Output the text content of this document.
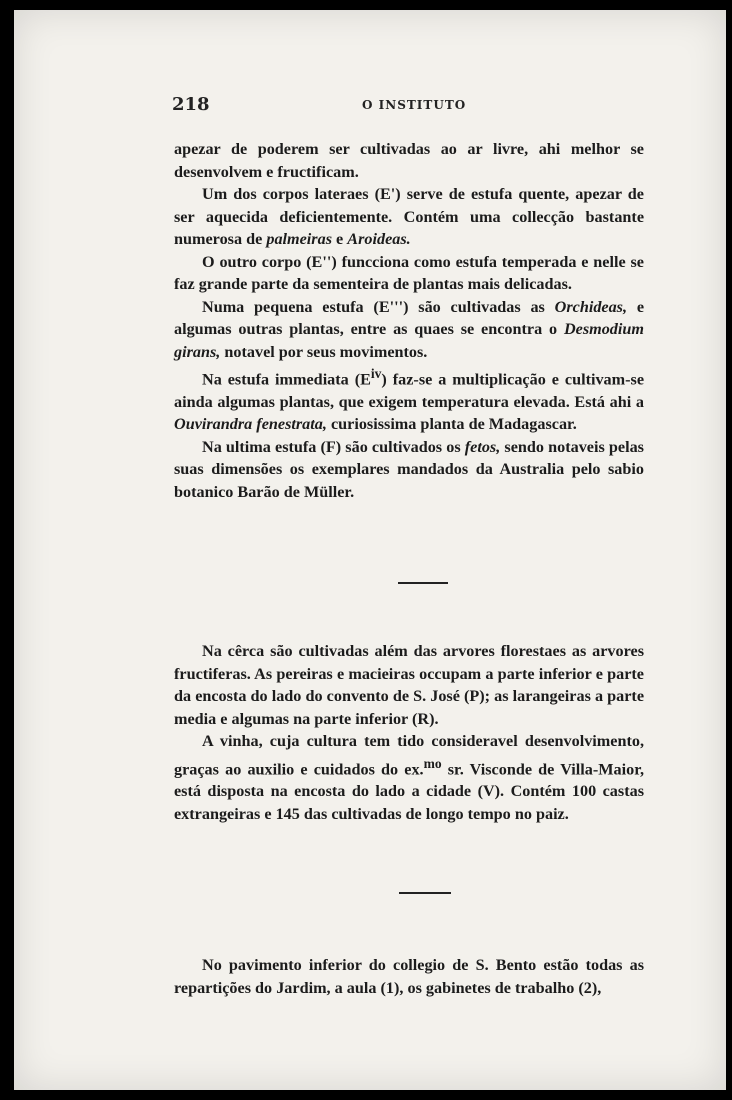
218	O INSTITUTO

apezar de poderem ser cultivadas ao ar livre, ahi melhor se desenvolvem e fructificam.

Um dos corpos lateraes (E') serve de estufa quente, apezar de ser aquecida deficientemente. Contém uma collecção bastante numerosa de palmeiras e Aroideas.

O outro corpo (E'') funcciona como estufa temperada e nelle se faz grande parte da sementeira de plantas mais delicadas.

Numa pequena estufa (E''') são cultivadas as Orchideas, e algumas outras plantas, entre as quaes se encontra o Desmodium girans, notavel por seus movimentos.

Na estufa immediata $(E^{iv})$ faz-se a multiplicação e cultivam-se ainda algumas plantas, que exigem temperatura elevada. Está ahi a Ouvirandra fenestrata, curiosissima planta de Madagascar.

Na ultima estufa (F) são cultivados os fetos, sendo notaveis pelas suas dimensões os exemplares mandados da Australia pelo sabio botanico Barão de Müller.

Na cêrca são cultivadas além das arvores florestaes as arvores fructiferas. As pereiras e macieiras occupam a parte inferior e parte da encosta do lado do convento de S. José (P); as larangeiras a parte media e algumas na parte inferior (R).

A vinha, cuja cultura tem tido consideravel desenvolvimento, graças ao auxilio e cuidados do ex.$^{mo}$ sr. Visconde de Villa-Maior, está disposta na encosta do lado a cidade (V). Contém 100 castas extrangeiras e 145 das cultivadas de longo tempo no paiz.

No pavimento inferior do collegio de S. Bento estão todas as repartições do Jardim, a aula (1), os gabinetes de trabalho (2),
